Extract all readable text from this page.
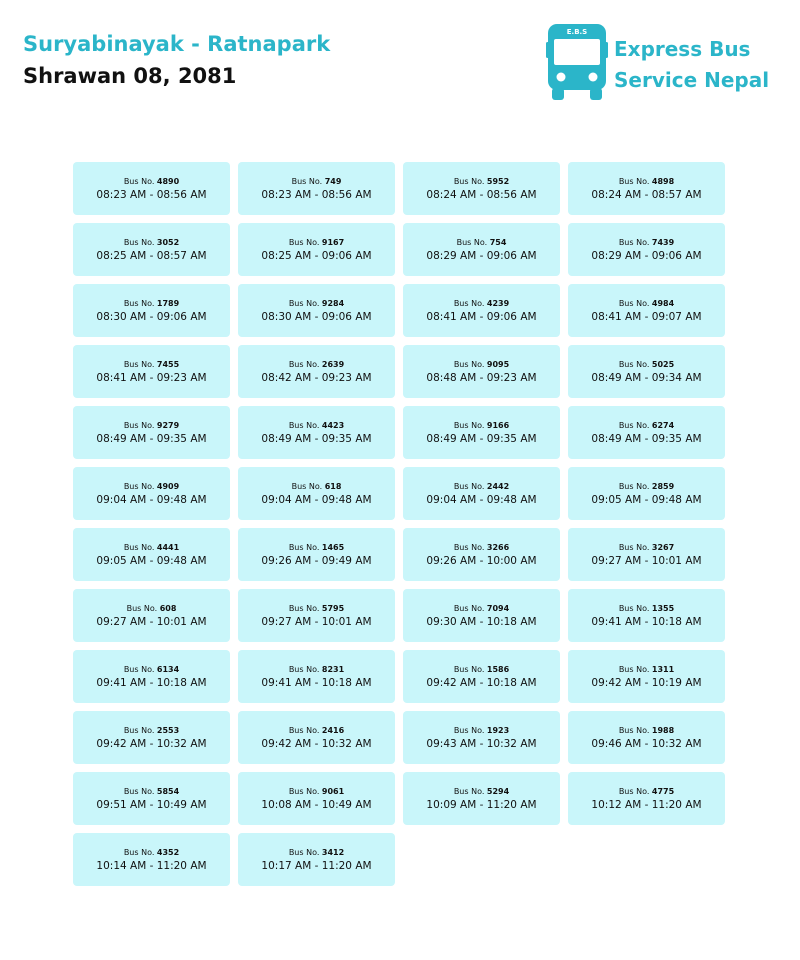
Suryabinayak - Ratnapark
Shrawan 08, 2081
E.B.S
Express Bus
Service Nepal
Bus No. 4890
08:23 AM - 08:56 AM
Bus No. 749
08:23 AM - 08:56 AM
Bus No. 5952
08:24 AM - 08:56 AM
Bus No. 4898
08:24 AM - 08:57 AM
Bus No. 3052
08:25 AM - 08:57 AM
Bus No. 9167
08:25 AM - 09:06 AM
Bus No. 754
08:29 AM - 09:06 AM
Bus No. 7439
08:29 AM - 09:06 AM
Bus No. 1789
08:30 AM - 09:06 AM
Bus No. 9284
08:30 AM - 09:06 AM
Bus No. 4239
08:41 AM - 09:06 AM
Bus No. 4984
08:41 AM - 09:07 AM
Bus No. 7455
08:41 AM - 09:23 AM
Bus No. 2639
08:42 AM - 09:23 AM
Bus No. 9095
08:48 AM - 09:23 AM
Bus No. 5025
08:49 AM - 09:34 AM
Bus No. 9279
08:49 AM - 09:35 AM
Bus No. 4423
08:49 AM - 09:35 AM
Bus No. 9166
08:49 AM - 09:35 AM
Bus No. 6274
08:49 AM - 09:35 AM
Bus No. 4909
09:04 AM - 09:48 AM
Bus No. 618
09:04 AM - 09:48 AM
Bus No. 2442
09:04 AM - 09:48 AM
Bus No. 2859
09:05 AM - 09:48 AM
Bus No. 4441
09:05 AM - 09:48 AM
Bus No. 1465
09:26 AM - 09:49 AM
Bus No. 3266
09:26 AM - 10:00 AM
Bus No. 3267
09:27 AM - 10:01 AM
Bus No. 608
09:27 AM - 10:01 AM
Bus No. 5795
09:27 AM - 10:01 AM
Bus No. 7094
09:30 AM - 10:18 AM
Bus No. 1355
09:41 AM - 10:18 AM
Bus No. 6134
09:41 AM - 10:18 AM
Bus No. 8231
09:41 AM - 10:18 AM
Bus No. 1586
09:42 AM - 10:18 AM
Bus No. 1311
09:42 AM - 10:19 AM
Bus No. 2553
09:42 AM - 10:32 AM
Bus No. 2416
09:42 AM - 10:32 AM
Bus No. 1923
09:43 AM - 10:32 AM
Bus No. 1988
09:46 AM - 10:32 AM
Bus No. 5854
09:51 AM - 10:49 AM
Bus No. 9061
10:08 AM - 10:49 AM
Bus No. 5294
10:09 AM - 11:20 AM
Bus No. 4775
10:12 AM - 11:20 AM
Bus No. 4352
10:14 AM - 11:20 AM
Bus No. 3412
10:17 AM - 11:20 AM
